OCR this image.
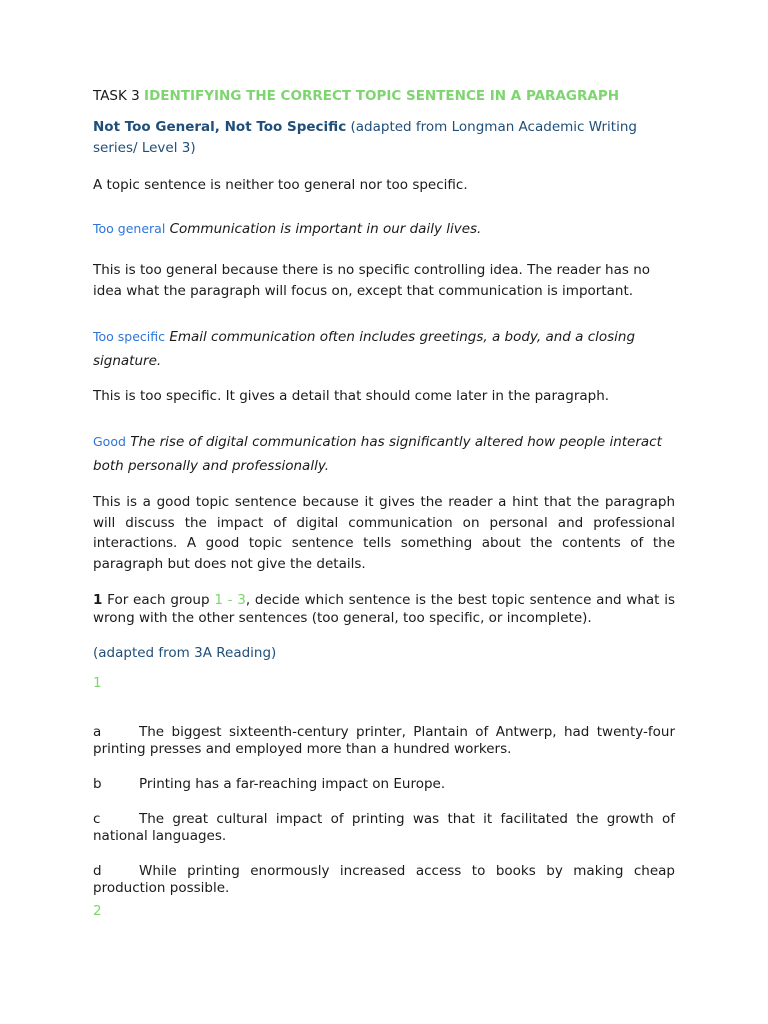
TASK 3 IDENTIFYING THE CORRECT TOPIC SENTENCE IN A PARAGRAPH

Not Too General, Not Too Specific (adapted from Longman Academic Writing series/ Level 3)

A topic sentence is neither too general nor too specific.

Too general Communication is important in our daily lives.

This is too general because there is no specific controlling idea. The reader has no idea what the paragraph will focus on, except that communication is important.

Too specific Email communication often includes greetings, a body, and a closing signature.

This is too specific. It gives a detail that should come later in the paragraph.

Good The rise of digital communication has significantly altered how people interact both personally and professionally.

This is a good topic sentence because it gives the reader a hint that the paragraph will discuss the impact of digital communication on personal and professional interactions. A good topic sentence tells something about the contents of the paragraph but does not give the details.

1 For each group 1 - 3, decide which sentence is the best topic sentence and what is wrong with the other sentences (too general, too specific, or incomplete).

(adapted from 3A Reading)

1

a	The biggest sixteenth-century printer, Plantain of Antwerp, had twenty-four printing presses and employed more than a hundred workers.

b	Printing has a far-reaching impact on Europe.

c	The great cultural impact of printing was that it facilitated the growth of national languages.

d	While printing enormously increased access to books by making cheap production possible.

2
